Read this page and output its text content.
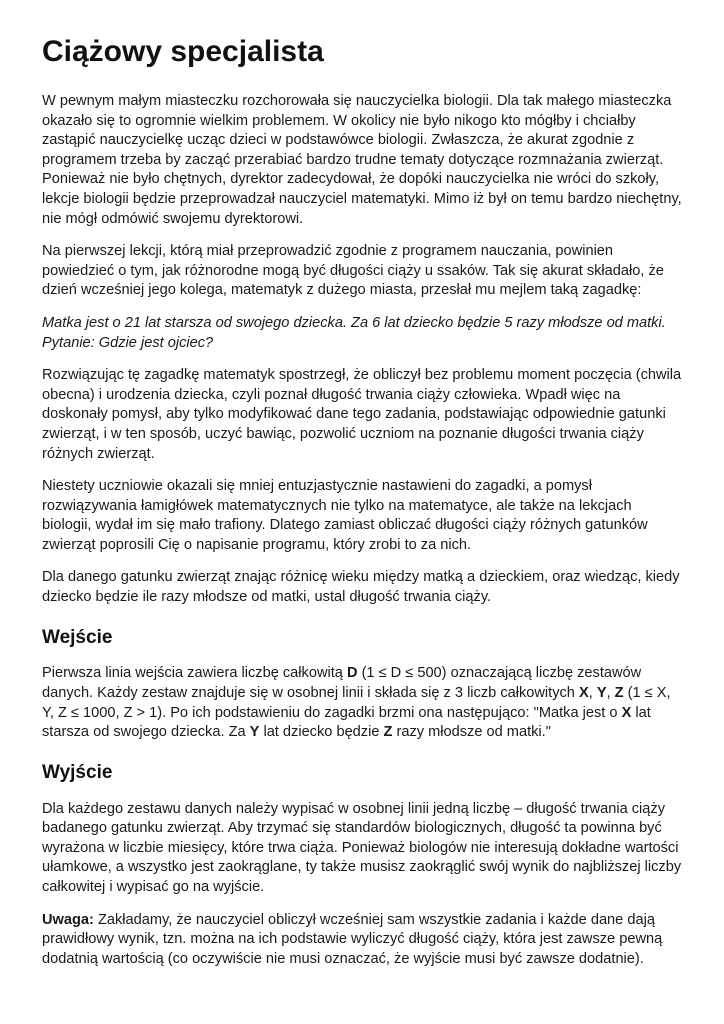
Ciążowy specjalista

W pewnym małym miasteczku rozchorowała się nauczycielka biologii. Dla tak małego miasteczka okazało się to ogromnie wielkim problemem. W okolicy nie było nikogo kto mógłby i chciałby zastąpić nauczycielkę ucząc dzieci w podstawówce biologii. Zwłaszcza, że akurat zgodnie z programem trzeba by zacząć przerabiać bardzo trudne tematy dotyczące rozmnażania zwierząt. Ponieważ nie było chętnych, dyrektor zadecydował, że dopóki nauczycielka nie wróci do szkoły, lekcje biologii będzie przeprowadzał nauczyciel matematyki. Mimo iż był on temu bardzo niechętny, nie mógł odmówić swojemu dyrektorowi.

Na pierwszej lekcji, którą miał przeprowadzić zgodnie z programem nauczania, powinien powiedzieć o tym, jak różnorodne mogą być długości ciąży u ssaków. Tak się akurat składało, że dzień wcześniej jego kolega, matematyk z dużego miasta, przesłał mu mejlem taką zagadkę:

Matka jest o 21 lat starsza od swojego dziecka. Za 6 lat dziecko będzie 5 razy młodsze od matki. Pytanie: Gdzie jest ojciec?

Rozwiązując tę zagadkę matematyk spostrzegł, że obliczył bez problemu moment poczęcia (chwila obecna) i urodzenia dziecka, czyli poznał długość trwania ciąży człowieka. Wpadł więc na doskonały pomysł, aby tylko modyfikować dane tego zadania, podstawiając odpowiednie gatunki zwierząt, i w ten sposób, uczyć bawiąc, pozwolić uczniom na poznanie długości trwania ciąży różnych zwierząt.

Niestety uczniowie okazali się mniej entuzjastycznie nastawieni do zagadki, a pomysł rozwiązywania łamigłówek matematycznych nie tylko na matematyce, ale także na lekcjach biologii, wydał im się mało trafiony. Dlatego zamiast obliczać długości ciąży różnych gatunków zwierząt poprosili Cię o napisanie programu, który zrobi to za nich.

Dla danego gatunku zwierząt znając różnicę wieku między matką a dzieckiem, oraz wiedząc, kiedy dziecko będzie ile razy młodsze od matki, ustal długość trwania ciąży.

Wejście

Pierwsza linia wejścia zawiera liczbę całkowitą D (1 ≤ D ≤ 500) oznaczającą liczbę zestawów danych. Każdy zestaw znajduje się w osobnej linii i składa się z 3 liczb całkowitych X, Y, Z (1 ≤ X, Y, Z ≤ 1000, Z > 1). Po ich podstawieniu do zagadki brzmi ona następująco: "Matka jest o X lat starsza od swojego dziecka. Za Y lat dziecko będzie Z razy młodsze od matki."

Wyjście

Dla każdego zestawu danych należy wypisać w osobnej linii jedną liczbę – długość trwania ciąży badanego gatunku zwierząt. Aby trzymać się standardów biologicznych, długość ta powinna być wyrażona w liczbie miesięcy, które trwa ciąża. Ponieważ biologów nie interesują dokładne wartości ułamkowe, a wszystko jest zaokrąglane, ty także musisz zaokrąglić swój wynik do najbliższej liczby całkowitej i wypisać go na wyjście.

Uwaga: Zakładamy, że nauczyciel obliczył wcześniej sam wszystkie zadania i każde dane dają prawidłowy wynik, tzn. można na ich podstawie wyliczyć długość ciąży, która jest zawsze pewną dodatnią wartością (co oczywiście nie musi oznaczać, że wyjście musi być zawsze dodatnie).
